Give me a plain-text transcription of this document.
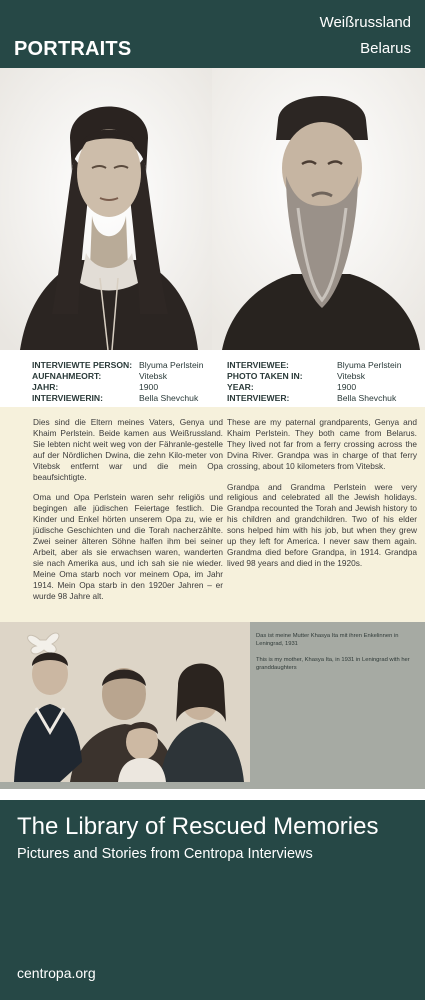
PORTRAITS
Weißrussland
Belarus
INTERVIEWTE PERSON: Blyuma Perlstein
AUFNAHMEORT:	Vitebsk
JAHR:	1900
INTERVIEWERIN:	Bella Shevchuk
INTERVIEWEE:	Blyuma Perlstein
PHOTO TAKEN IN:	Vitebsk
YEAR:	1900
INTERVIEWER:	Bella Shevchuk

Dies sind die Eltern meines Vaters, Genya und Khaim Perlstein. Beide kamen aus Weißrussland. Sie lebten nicht weit weg von der Fähranle-gestelle auf der Nördlichen Dwina, die zehn Kilo-meter von Vitebsk entfernt war und die mein Opa beaufsichtigte.

Oma und Opa Perlstein waren sehr religiös und begingen alle jüdischen Feiertage festlich. Die Kinder und Enkel hörten unserem Opa zu, wie er jüdische Geschichten und die Torah nacherzählte. Zwei seiner älteren Söhne halfen ihm bei seiner Arbeit, aber als sie erwachsen waren, wanderten sie nach Amerika aus, und ich sah sie nie wieder. Meine Oma starb noch vor meinem Opa, im Jahr 1914. Mein Opa starb in den 1920er Jahren – er wurde 98 Jahre alt.

These are my paternal grandparents, Genya and Khaim Perlstein. They both came from Belarus. They lived not far from a ferry crossing across the Dvina River. Grandpa was in charge of that ferry crossing, about 10 kilometers from Vitebsk.

Grandpa and Grandma Perlstein were very religious and celebrated all the Jewish holidays. Grandpa recounted the Torah and Jewish history to his children and grandchildren. Two of his elder sons helped him with his job, but when they grew up they left for America. I never saw them again. Grandma died before Grandpa, in 1914. Grandpa lived 98 years and died in the 1920s.

Das ist meine Mutter Khasya Ita mit ihren Enkelinnen in Leningrad, 1931

This is my mother, Khasya Ita, in 1931 in Leningrad with her granddaughters

The Library of Rescued Memories
Pictures and Stories from Centropa Interviews
centropa.org
